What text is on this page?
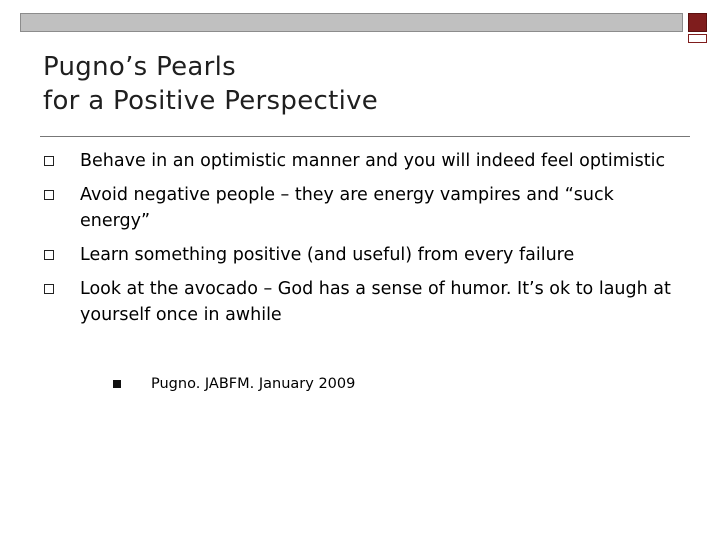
Pugno’s Pearls
for a Positive Perspective
Behave in an optimistic manner and you will indeed feel optimistic
Avoid negative people – they are energy vampires and “suck energy”
Learn something positive (and useful) from every failure
Look at the avocado – God has a sense of humor. It’s ok to laugh at yourself once in awhile
Pugno. JABFM. January 2009
